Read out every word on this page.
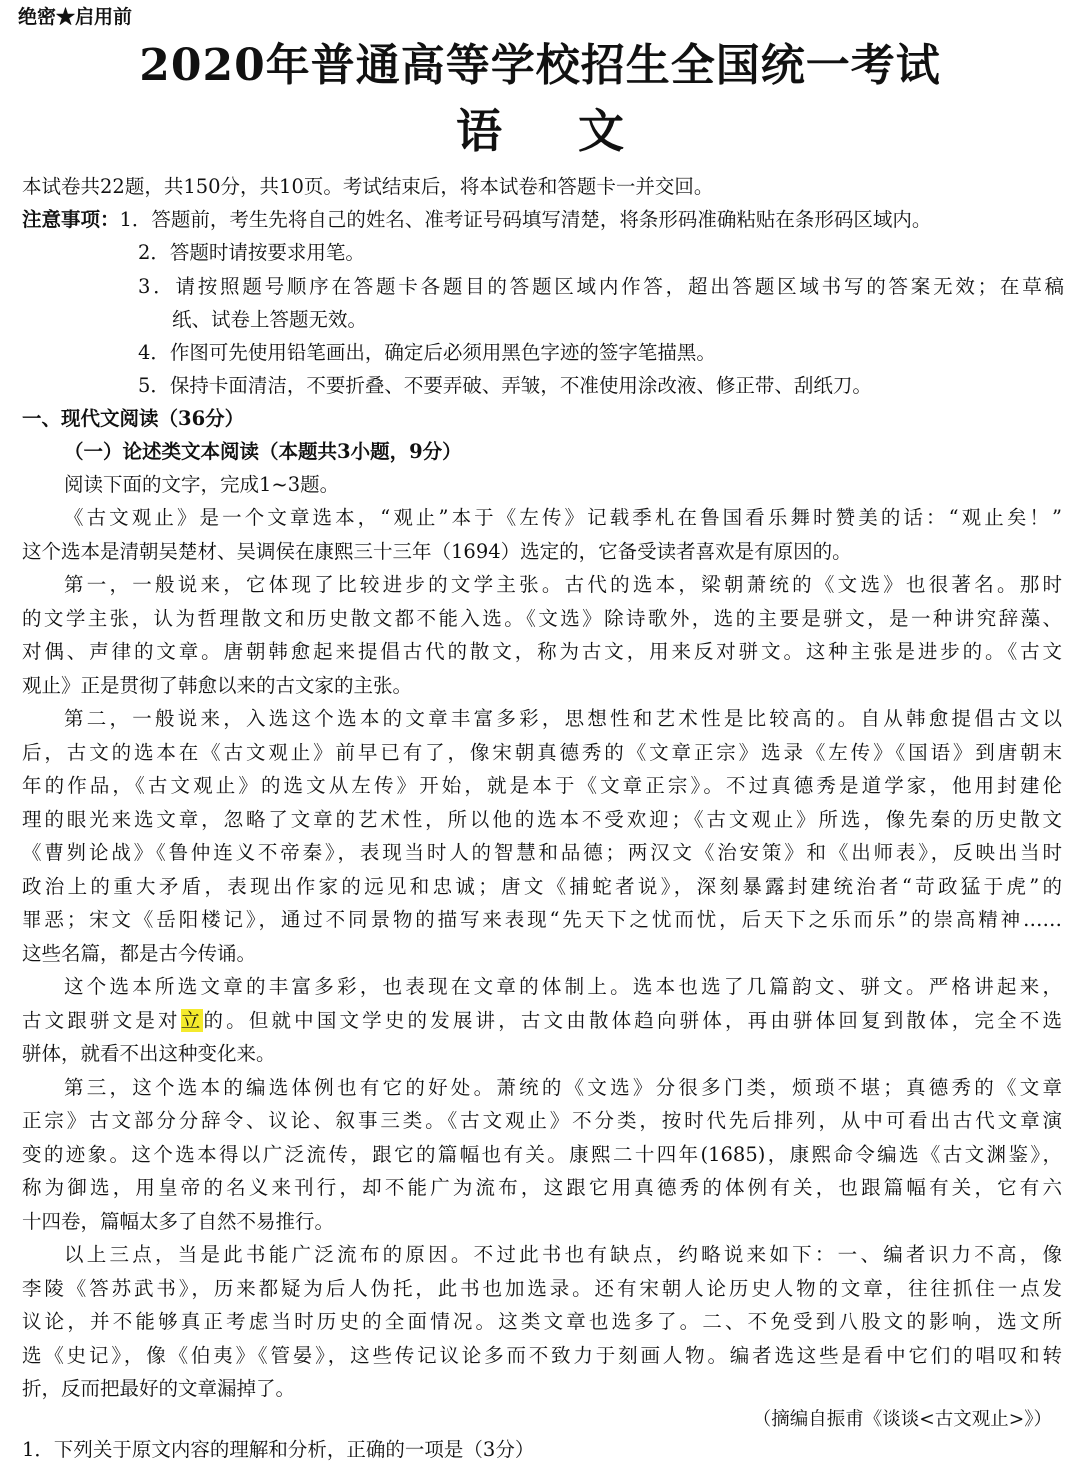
绝密★启用前
2020年普通高等学校招生全国统一考试
语文
本试卷共22题，共150分，共10页。考试结束后，将本试卷和答题卡一并交回。
注意事项：1．答题前，考生先将自己的姓名、准考证号码填写清楚，将条形码准确粘贴在条形码区域内。
2．答题时请按要求用笔。
3．请按照题号顺序在答题卡各题目的答题区域内作答，超出答题区域书写的答案无效；在草稿
纸、试卷上答题无效。
4．作图可先使用铅笔画出，确定后必须用黑色字迹的签字笔描黑。
5．保持卡面清洁，不要折叠、不要弄破、弄皱，不准使用涂改液、修正带、刮纸刀。
一、现代文阅读（36分）
（一）论述类文本阅读（本题共3小题，9分）
阅读下面的文字，完成1~3题。
《古文观止》是一个文章选本，“观止”本于《左传》记载季札在鲁国看乐舞时赞美的话：“观止矣！”
这个选本是清朝吴楚材、吴调侯在康熙三十三年（1694）选定的，它备受读者喜欢是有原因的。
第一，一般说来，它体现了比较进步的文学主张。古代的选本，梁朝萧统的《文选》也很著名。那时
的文学主张，认为哲理散文和历史散文都不能入选。《文选》除诗歌外，选的主要是骈文，是一种讲究辞藻、
对偶、声律的文章。唐朝韩愈起来提倡古代的散文，称为古文，用来反对骈文。这种主张是进步的。《古文
观止》正是贯彻了韩愈以来的古文家的主张。
第二，一般说来，入选这个选本的文章丰富多彩，思想性和艺术性是比较高的。自从韩愈提倡古文以
后，古文的选本在《古文观止》前早已有了，像宋朝真德秀的《文章正宗》选录《左传》《国语》到唐朝末
年的作品，《古文观止》的选文从左传》开始，就是本于《文章正宗》。不过真德秀是道学家，他用封建伦
理的眼光来选文章，忽略了文章的艺术性，所以他的选本不受欢迎；《古文观止》所选，像先秦的历史散文
《曹刿论战》《鲁仲连义不帝秦》，表现当时人的智慧和品德；两汉文《治安策》和《出师表》，反映出当时
政治上的重大矛盾，表现出作家的远见和忠诚；唐文《捕蛇者说》，深刻暴露封建统治者“苛政猛于虎”的
罪恶；宋文《岳阳楼记》，通过不同景物的描写来表现“先天下之忧而忧，后天下之乐而乐”的崇高精神……
这些名篇，都是古今传诵。
这个选本所选文章的丰富多彩，也表现在文章的体制上。选本也选了几篇韵文、骈文。严格讲起来，
古文跟骈文是对立的。但就中国文学史的发展讲，古文由散体趋向骈体，再由骈体回复到散体，完全不选
骈体，就看不出这种变化来。
第三，这个选本的编选体例也有它的好处。萧统的《文选》分很多门类，烦琐不堪；真德秀的《文章
正宗》古文部分分辞令、议论、叙事三类。《古文观止》不分类，按时代先后排列，从中可看出古代文章演
变的迹象。这个选本得以广泛流传，跟它的篇幅也有关。康熙二十四年(1685)，康熙命令编选《古文渊鉴》，
称为御选，用皇帝的名义来刊行，却不能广为流布，这跟它用真德秀的体例有关，也跟篇幅有关，它有六
十四卷，篇幅太多了自然不易推行。
以上三点，当是此书能广泛流布的原因。不过此书也有缺点，约略说来如下：一、编者识力不高，像
李陵《答苏武书》，历来都疑为后人伪托，此书也加选录。还有宋朝人论历史人物的文章，往往抓住一点发
议论，并不能够真正考虑当时历史的全面情况。这类文章也选多了。二、不免受到八股文的影响，选文所
选《史记》，像《伯夷》《管晏》，这些传记议论多而不致力于刻画人物。编者选这些是看中它们的唱叹和转
折，反而把最好的文章漏掉了。
（摘编自振甫《谈谈<古文观止>》）
1．下列关于原文内容的理解和分析，正确的一项是（3分）
